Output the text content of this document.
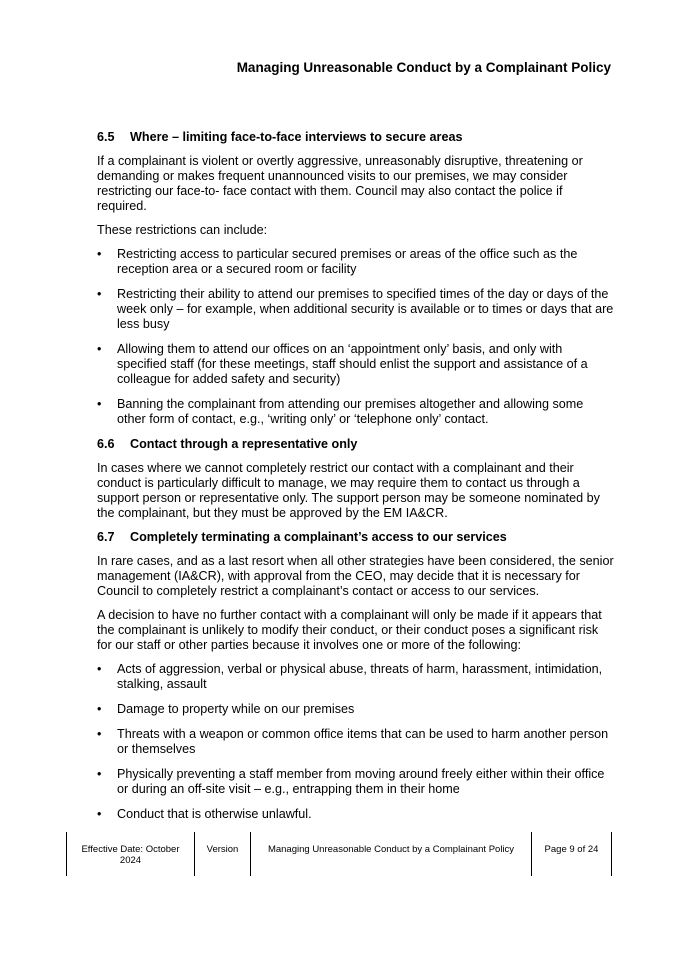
Managing Unreasonable Conduct by a Complainant Policy
6.5 Where – limiting face-to-face interviews to secure areas

If a complainant is violent or overtly aggressive, unreasonably disruptive, threatening or demanding or makes frequent unannounced visits to our premises, we may consider restricting our face-to- face contact with them. Council may also contact the police if required.

These restrictions can include:

• Restricting access to particular secured premises or areas of the office such as the reception area or a secured room or facility
• Restricting their ability to attend our premises to specified times of the day or days of the week only – for example, when additional security is available or to times or days that are less busy
• Allowing them to attend our offices on an ‘appointment only’ basis, and only with specified staff (for these meetings, staff should enlist the support and assistance of a colleague for added safety and security)
• Banning the complainant from attending our premises altogether and allowing some other form of contact, e.g., ‘writing only’ or ‘telephone only’ contact.
6.6 Contact through a representative only

In cases where we cannot completely restrict our contact with a complainant and their conduct is particularly difficult to manage, we may require them to contact us through a support person or representative only. The support person may be someone nominated by the complainant, but they must be approved by the EM IA&CR.

6.7 Completely terminating a complainant’s access to our services

In rare cases, and as a last resort when all other strategies have been considered, the senior management (IA&CR), with approval from the CEO, may decide that it is necessary for Council to completely restrict a complainant’s contact or access to our services.

A decision to have no further contact with a complainant will only be made if it appears that the complainant is unlikely to modify their conduct, or their conduct poses a significant risk for our staff or other parties because it involves one or more of the following:

• Acts of aggression, verbal or physical abuse, threats of harm, harassment, intimidation, stalking, assault
• Damage to property while on our premises
• Threats with a weapon or common office items that can be used to harm another person or themselves
• Physically preventing a staff member from moving around freely either within their office or during an off-site visit – e.g., entrapping them in their home
• Conduct that is otherwise unlawful.
Effective Date: October 2024
Version	Managing Unreasonable Conduct by a Complainant Policy	Page 9 of 24
